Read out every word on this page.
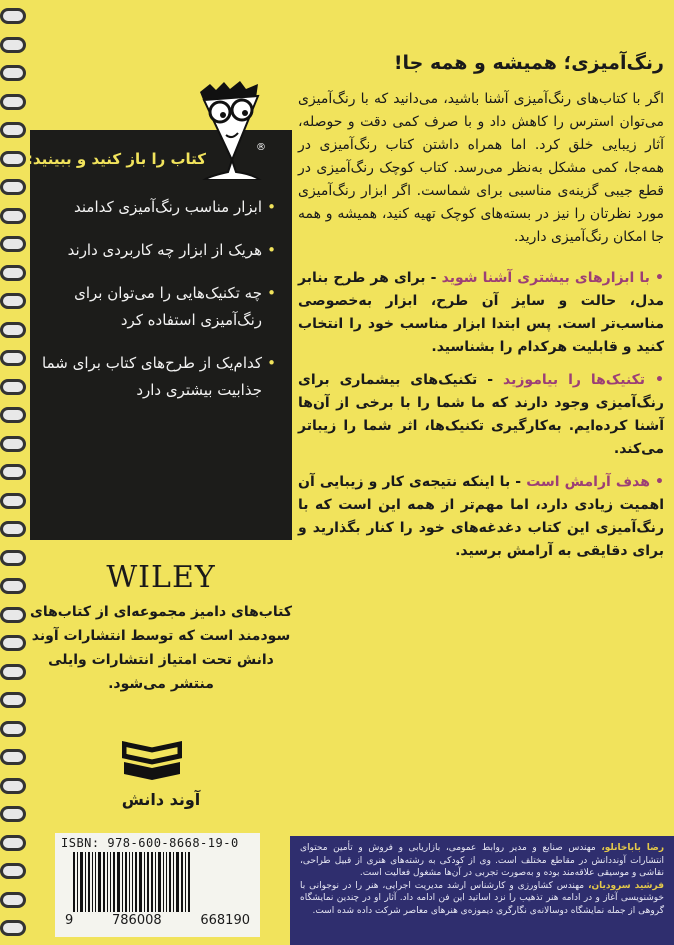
®
کتاب را باز کنید و ببینید:
• ابزار مناسب رنگ‌آمیزی کدامند
• هریک از ابزار چه کاربردی دارند
• چه تکنیک‌هایی را می‌توان برای رنگ‌آمیزی استفاده کرد
• کدام‌یک از طرح‌های کتاب برای شما جذابیت بیشتری دارد
WILEY
کتاب‌های دامیز مجموعه‌ای از کتاب‌های سودمند است که توسط انتشارات آوند دانش تحت امتیاز انتشارات وایلی منتشر می‌شود.
آوند دانش
ISBN: 978-600-8668-19-0
9	786008	668190
رنگ‌آمیزی؛ همیشه و همه جا!
اگر با کتاب‌های رنگ‌آمیزی آشنا باشید، می‌دانید که با رنگ‌آمیزی می‌توان استرس را کاهش داد و با صرف کمی دقت و حوصله، آثار زیبایی خلق کرد. اما همراه داشتن کتاب رنگ‌آمیزی در همه‌جا، کمی مشکل به‌نظر می‌رسد. کتاب کوچک رنگ‌آمیزی در قطع جیبی گزینه‌ی مناسبی برای شماست. اگر ابزار رنگ‌آمیزی مورد نظرتان را نیز در بسته‌های کوچک تهیه کنید، همیشه و همه جا امکان رنگ‌آمیزی دارید.
• با ابزارهای بیشتری آشنا شوید - برای هر طرح بنابر مدل، حالت و سایز آن طرح، ابزار به‌خصوصی مناسب‌تر است. پس ابتدا ابزار مناسب خود را انتخاب کنید و قابلیت هرکدام را بشناسید.
• تکنیک‌ها را بیاموزید - تکنیک‌های بیشماری برای رنگ‌آمیزی وجود دارند که ما شما را با برخی از آن‌ها آشنا کرده‌ایم. به‌کارگیری تکنیک‌ها، اثر شما را زیباتر می‌کند.
• هدف آرامش است - با اینکه نتیجه‌ی کار و زیبایی آن اهمیت زیادی دارد، اما مهم‌تر از همه این است که با رنگ‌آمیزی این کتاب دغدغه‌های خود را کنار بگذارید و برای دقایقی به آرامش برسید.
رضا باباخانلو، مهندس صنایع و مدیر روابط عمومی، بازاریابی و فروش و تأمین محتوای انتشارات آونددانش در مقاطع مختلف است. وی از کودکی به رشته‌های هنری از قبیل طراحی، نقاشی و موسیقی علاقه‌مند بوده و به‌صورت تجربی در آن‌ها مشغول فعالیت است.
فرشید سرودیان، مهندس کشاورزی و کارشناس ارشد مدیریت اجرایی، هنر را در نوجوانی با خوشنویسی آغاز و در ادامه هنر تذهیب را نزد اساتید این فن ادامه داد. آثار او در چندین نمایشگاه گروهی از جمله نمایشگاه دوسالانه‌ی نگارگری دیموزه‌ی هنرهای معاصر شرکت داده شده است.
